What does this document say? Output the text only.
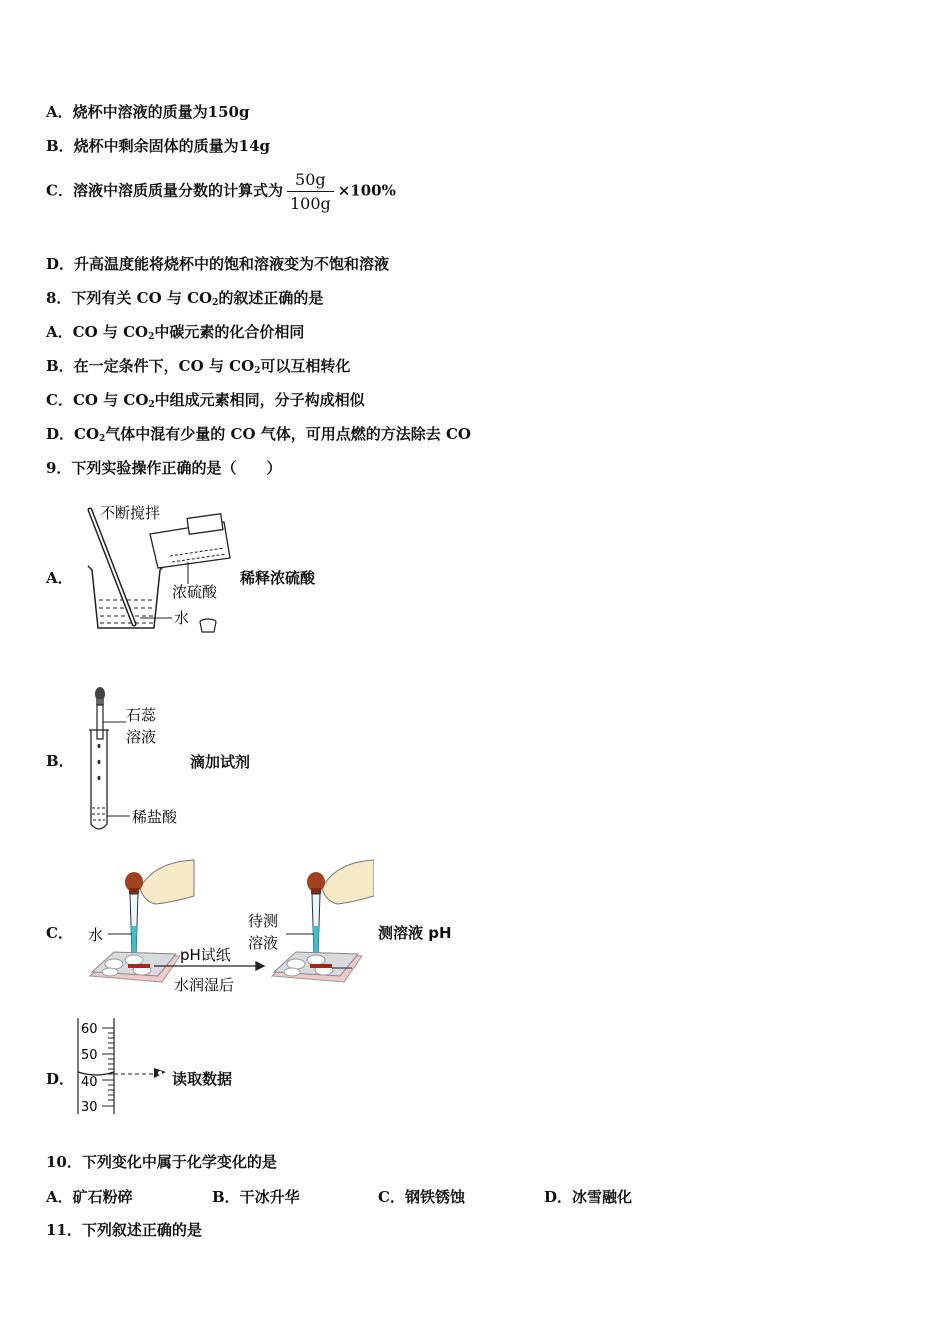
A．烧杯中溶液的质量为150g
B．烧杯中剩余固体的质量为14g
C．溶液中溶质质量分数的计算式为 $\frac{50g}{100g} \times 100\%$
D．升高温度能将烧杯中的饱和溶液变为不饱和溶液
8．下列有关 CO 与 $CO_2$的叙述正确的是
A．CO 与 $CO_2$中碳元素的化合价相同
B．在一定条件下，CO 与 $CO_2$可以互相转化
C．CO 与 $CO_2$中组成元素相同，分子构成相似
D．$CO_2$气体中混有少量的 CO 气体，可用点燃的方法除去 CO
9．下列实验操作正确的是（　　）
A．
不断搅拌
浓硫酸
水
稀释浓硫酸
B．
石蕊
溶液
稀盐酸
滴加试剂
C． 水
pH试纸
水润湿后
待测
溶液
测溶液 pH
D．
60
50
40
30
读取数据
10．下列变化中属于化学变化的是
A．矿石粉碎	B．干冰升华	C．钢铁锈蚀	D．冰雪融化
11．下列叙述正确的是
